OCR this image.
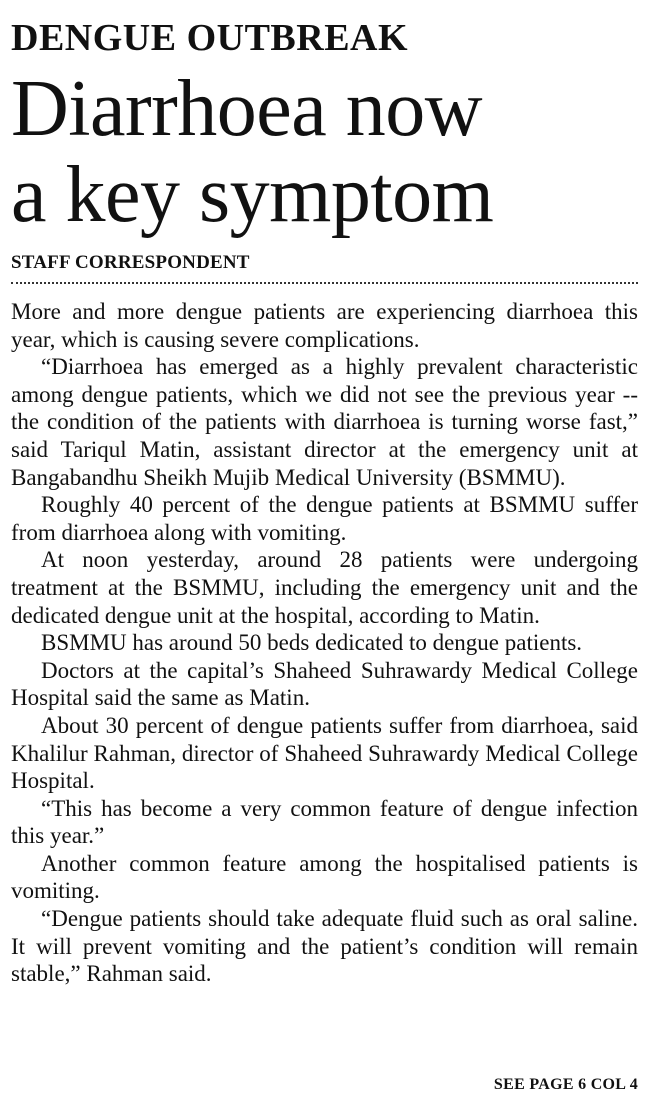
DENGUE OUTBREAK
Diarrhoea now
a key symptom
STAFF CORRESPONDENT

More and more dengue patients are experiencing diarrhoea this year, which is causing severe complications.

“Diarrhoea has emerged as a highly prevalent characteristic among dengue patients, which we did not see the previous year -- the condition of the patients with diarrhoea is turning worse fast,” said Tariqul Matin, assistant director at the emergency unit at Bangabandhu Sheikh Mujib Medical University (BSMMU).

Roughly 40 percent of the dengue patients at BSMMU suffer from diarrhoea along with vomiting.

At noon yesterday, around 28 patients were undergoing treatment at the BSMMU, including the emergency unit and the dedicated dengue unit at the hospital, according to Matin.

BSMMU has around 50 beds dedicated to dengue patients.

Doctors at the capital’s Shaheed Suhrawardy Medical College Hospital said the same as Matin.

About 30 percent of dengue patients suffer from diarrhoea, said Khalilur Rahman, director of Shaheed Suhrawardy Medical College Hospital.

“This has become a very common feature of dengue infection this year.”

Another common feature among the hospitalised patients is vomiting.

“Dengue patients should take adequate fluid such as oral saline. It will prevent vomiting and the patient’s condition will remain stable,” Rahman said.

SEE PAGE 6 COL 4
